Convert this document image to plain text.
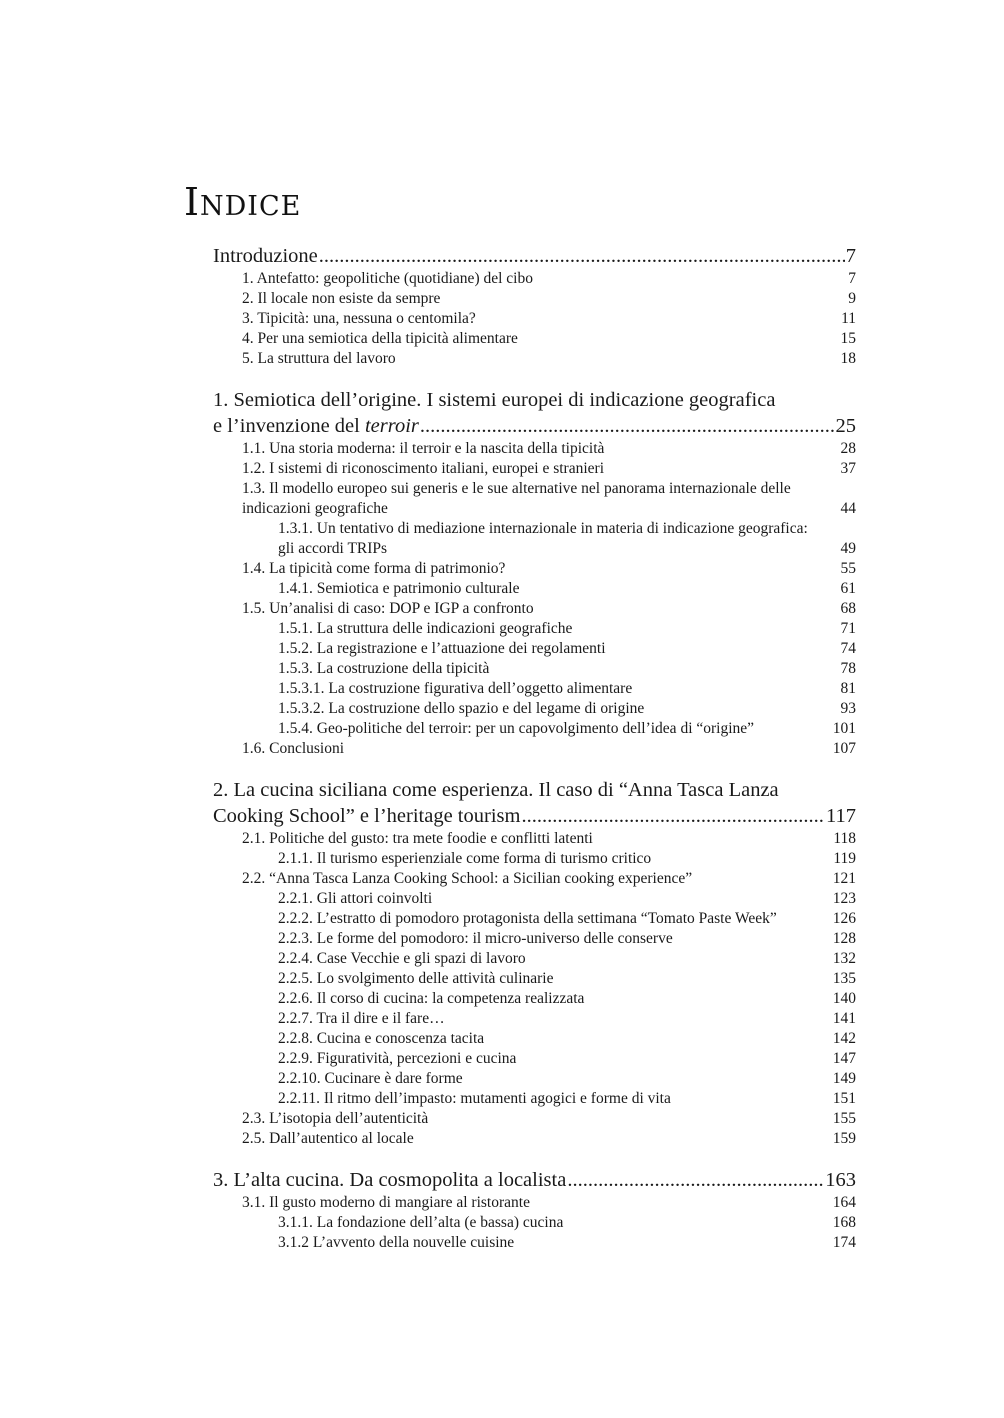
Indice
Introduzione .....	7
1. Antefatto: geopolitiche (quotidiane) del cibo	7
2. Il locale non esiste da sempre	9
3. Tipicità: una, nessuna o centomila?	11
4. Per una semiotica della tipicità alimentare	15
5. La struttura del lavoro	18
1. Semiotica dell’origine. I sistemi europei di indicazione geografica
e l’invenzione del terroir .....	25
1.1. Una storia moderna: il terroir e la nascita della tipicità	28
1.2. I sistemi di riconoscimento italiani, europei e stranieri	37
1.3. Il modello europeo sui generis e le sue alternative nel panorama internazionale delle indicazioni geografiche	44
1.3.1. Un tentativo di mediazione internazionale in materia di indicazione geografica: gli accordi TRIPs	49
1.4. La tipicità come forma di patrimonio?	55
1.4.1. Semiotica e patrimonio culturale	61
1.5. Un’analisi di caso: DOP e IGP a confronto	68
1.5.1. La struttura delle indicazioni geografiche	71
1.5.2. La registrazione e l’attuazione dei regolamenti	74
1.5.3. La costruzione della tipicità	78
1.5.3.1. La costruzione figurativa dell’oggetto alimentare	81
1.5.3.2. La costruzione dello spazio e del legame di origine	93
1.5.4. Geo-politiche del terroir: per un capovolgimento dell’idea di “origine”	101
1.6. Conclusioni	107
2. La cucina siciliana come esperienza. Il caso di “Anna Tasca Lanza
Cooking School” e l’heritage tourism .....	117
2.1. Politiche del gusto: tra mete foodie e conflitti latenti	118
2.1.1. Il turismo esperienziale come forma di turismo critico	119
2.2. “Anna Tasca Lanza Cooking School: a Sicilian cooking experience”	121
2.2.1. Gli attori coinvolti	123
2.2.2. L’estratto di pomodoro protagonista della settimana “Tomato Paste Week”	126
2.2.3. Le forme del pomodoro: il micro-universo delle conserve	128
2.2.4. Case Vecchie e gli spazi di lavoro	132
2.2.5. Lo svolgimento delle attività culinarie	135
2.2.6. Il corso di cucina: la competenza realizzata	140
2.2.7. Tra il dire e il fare…	141
2.2.8. Cucina e conoscenza tacita	142
2.2.9. Figuratività, percezioni e cucina	147
2.2.10. Cucinare è dare forme	149
2.2.11. Il ritmo dell’impasto: mutamenti agogici e forme di vita	151
2.3. L’isotopia dell’autenticità	155
2.5. Dall’autentico al locale	159
3. L’alta cucina. Da cosmopolita a localista .....	163
3.1. Il gusto moderno di mangiare al ristorante	164
3.1.1. La fondazione dell’alta (e bassa) cucina	168
3.1.2 L’avvento della nouvelle cuisine	174
